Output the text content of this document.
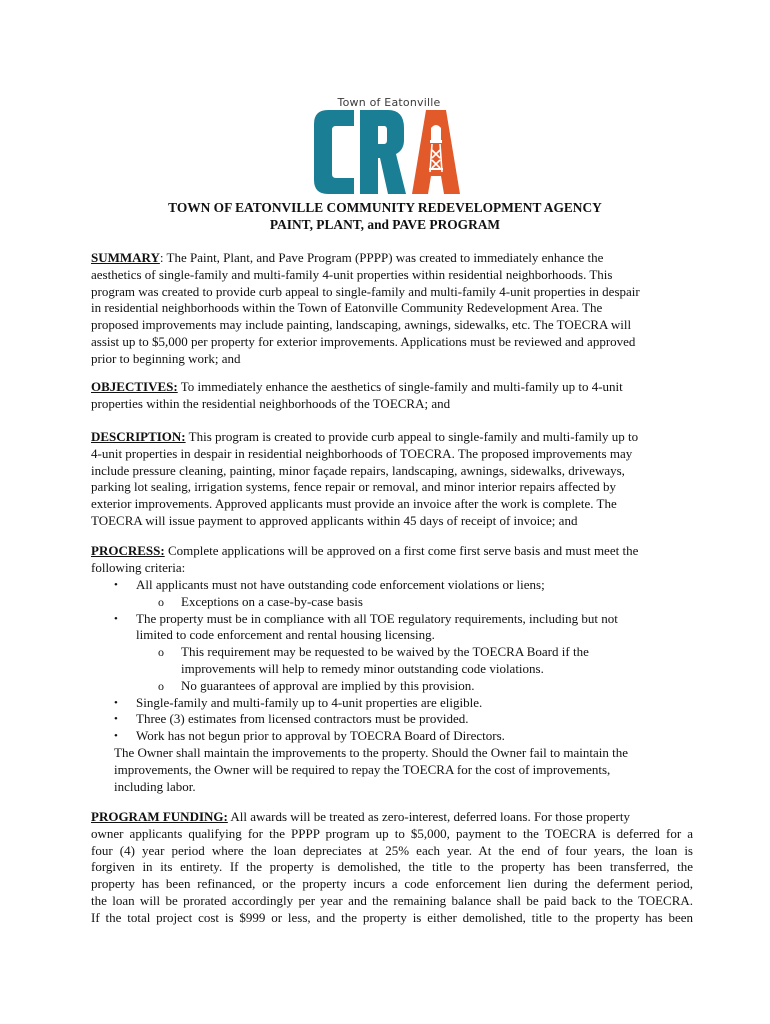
Town of Eatonville
TOWN OF EATONVILLE COMMUNITY REDEVELOPMENT AGENCY
PAINT, PLANT, and PAVE PROGRAM
SUMMARY: The Paint, Plant, and Pave Program (PPPP) was created to immediately enhance the
aesthetics of single-family and multi-family 4-unit properties within residential neighborhoods. This
program was created to provide curb appeal to single-family and multi-family 4-unit properties in despair
in residential neighborhoods within the Town of Eatonville Community Redevelopment Area. The
proposed improvements may include painting, landscaping, awnings, sidewalks, etc. The TOECRA will
assist up to $5,000 per property for exterior improvements. Applications must be reviewed and approved
prior to beginning work; and
OBJECTIVES: To immediately enhance the aesthetics of single-family and multi-family up to 4-unit
properties within the residential neighborhoods of the TOECRA; and
DESCRIPTION: This program is created to provide curb appeal to single-family and multi-family up to
4-unit properties in despair in residential neighborhoods of TOECRA. The proposed improvements may
include pressure cleaning, painting, minor façade repairs, landscaping, awnings, sidewalks, driveways,
parking lot sealing, irrigation systems, fence repair or removal, and minor interior repairs affected by
exterior improvements. Approved applicants must provide an invoice after the work is complete. The
TOECRA will issue payment to approved applicants within 45 days of receipt of invoice; and
PROCRESS: Complete applications will be approved on a first come first serve basis and must meet the
following criteria:
• All applicants must not have outstanding code enforcement violations or liens;
o Exceptions on a case-by-case basis
• The property must be in compliance with all TOE regulatory requirements, including but not
limited to code enforcement and rental housing licensing.
o This requirement may be requested to be waived by the TOECRA Board if the
improvements will help to remedy minor outstanding code violations.
o No guarantees of approval are implied by this provision.
• Single-family and multi-family up to 4-unit properties are eligible.
• Three (3) estimates from licensed contractors must be provided.
• Work has not begun prior to approval by TOECRA Board of Directors.
The Owner shall maintain the improvements to the property. Should the Owner fail to maintain the
improvements, the Owner will be required to repay the TOECRA for the cost of improvements,
including labor.
PROGRAM FUNDING: All awards will be treated as zero-interest, deferred loans. For those property
owner applicants qualifying for the PPPP program up to $5,000, payment to the TOECRA is deferred for a
four (4) year period where the loan depreciates at 25% each year. At the end of four years, the loan is
forgiven in its entirety. If the property is demolished, the title to the property has been transferred, the
property has been refinanced, or the property incurs a code enforcement lien during the deferment period,
the loan will be prorated accordingly per year and the remaining balance shall be paid back to the TOECRA.
If the total project cost is $999 or less, and the property is either demolished, title to the property has been
